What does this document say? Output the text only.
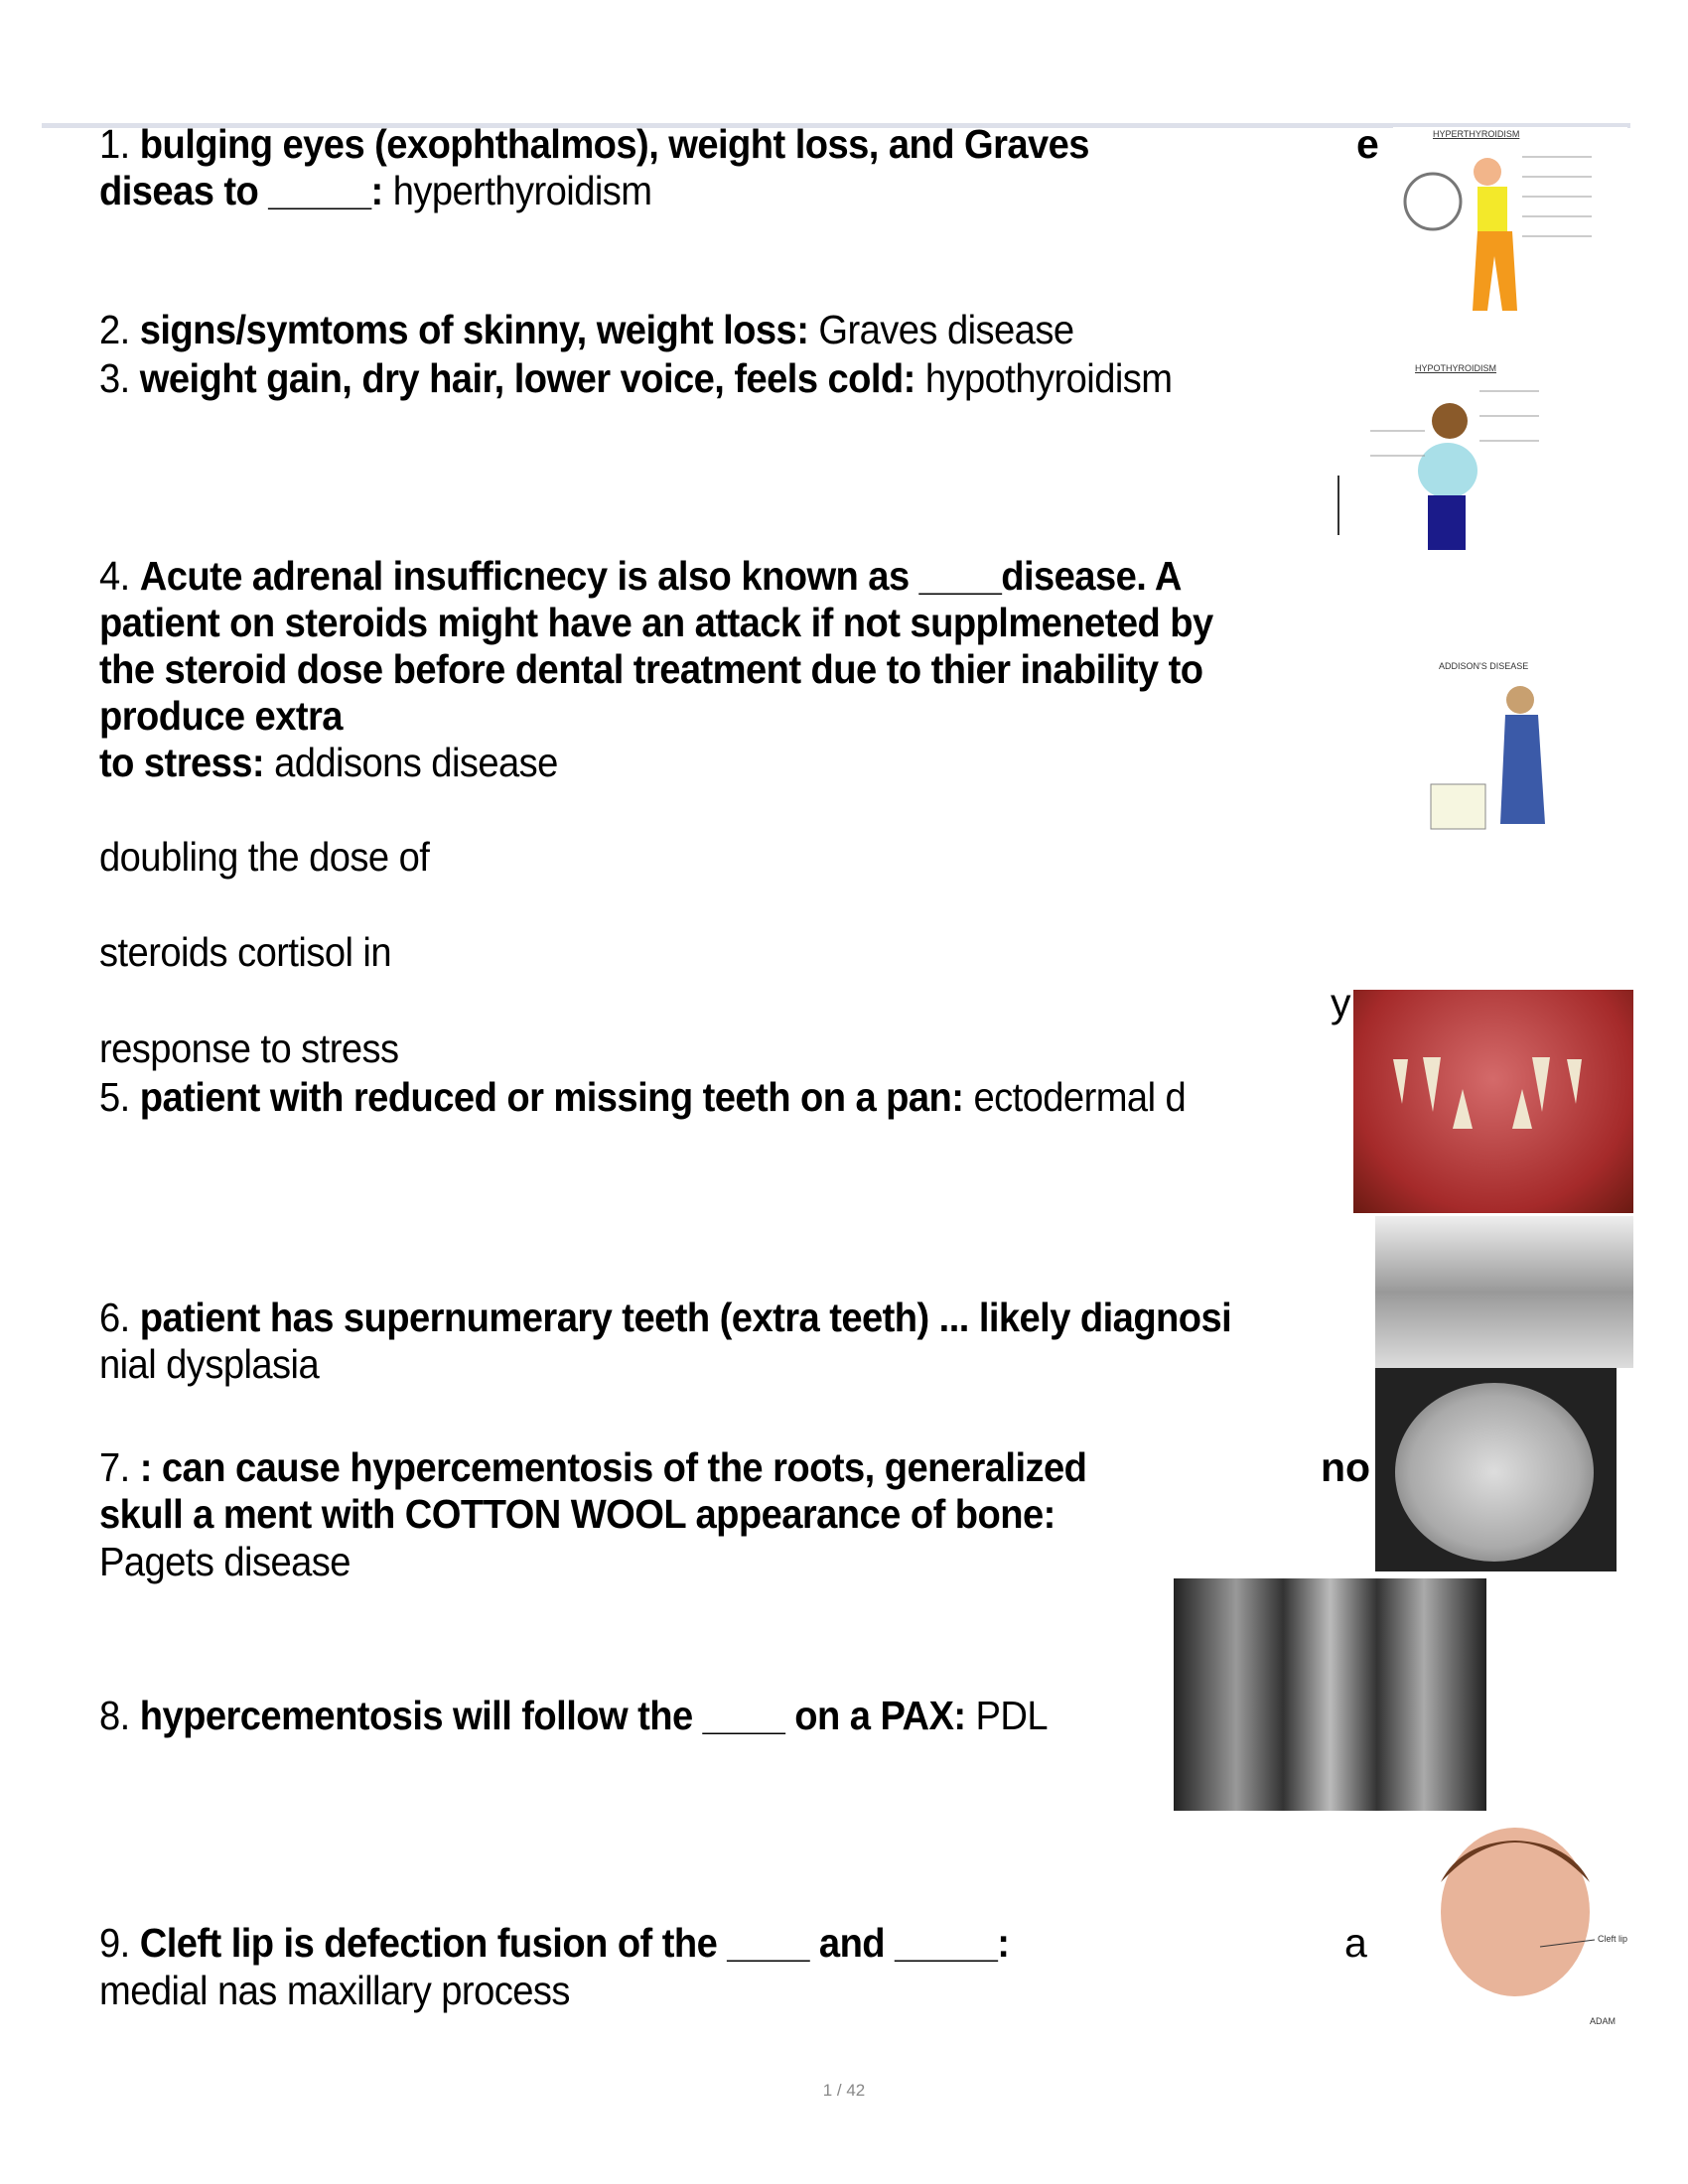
1. bulging eyes (exophthalmos), weight loss, and Graves
diseas to _____: hyperthyroidism
e
2. signs/symtoms of skinny, weight loss: Graves disease
3. weight gain, dry hair, lower voice, feels cold: hypothyroidism
4. Acute adrenal insufficnecy is also known as ____disease. A
patient on steroids might have an attack if not supplmeneted by
the steroid dose before dental treatment due to thier inability to
produce extra
to stress: addisons disease
doubling the dose of
steroids cortisol in
y
response to stress
5. patient with reduced or missing teeth on a pan: ectodermal d
6. patient has supernumerary teeth (extra teeth) ... likely diagnosi
nial dysplasia
7. : can cause hypercementosis of the roots, generalized	no
skull a ment with COTTON WOOL appearance of bone:
Pagets disease
8. hypercementosis will follow the ____ on a PAX: PDL
9. Cleft lip is defection fusion of the ____ and _____:	a
medial nas maxillary process
HYPERTHYROIDISM
HYPOTHYROIDISM
ADDISON'S DISEASE
Cleft lip
ADAM
1 / 42
